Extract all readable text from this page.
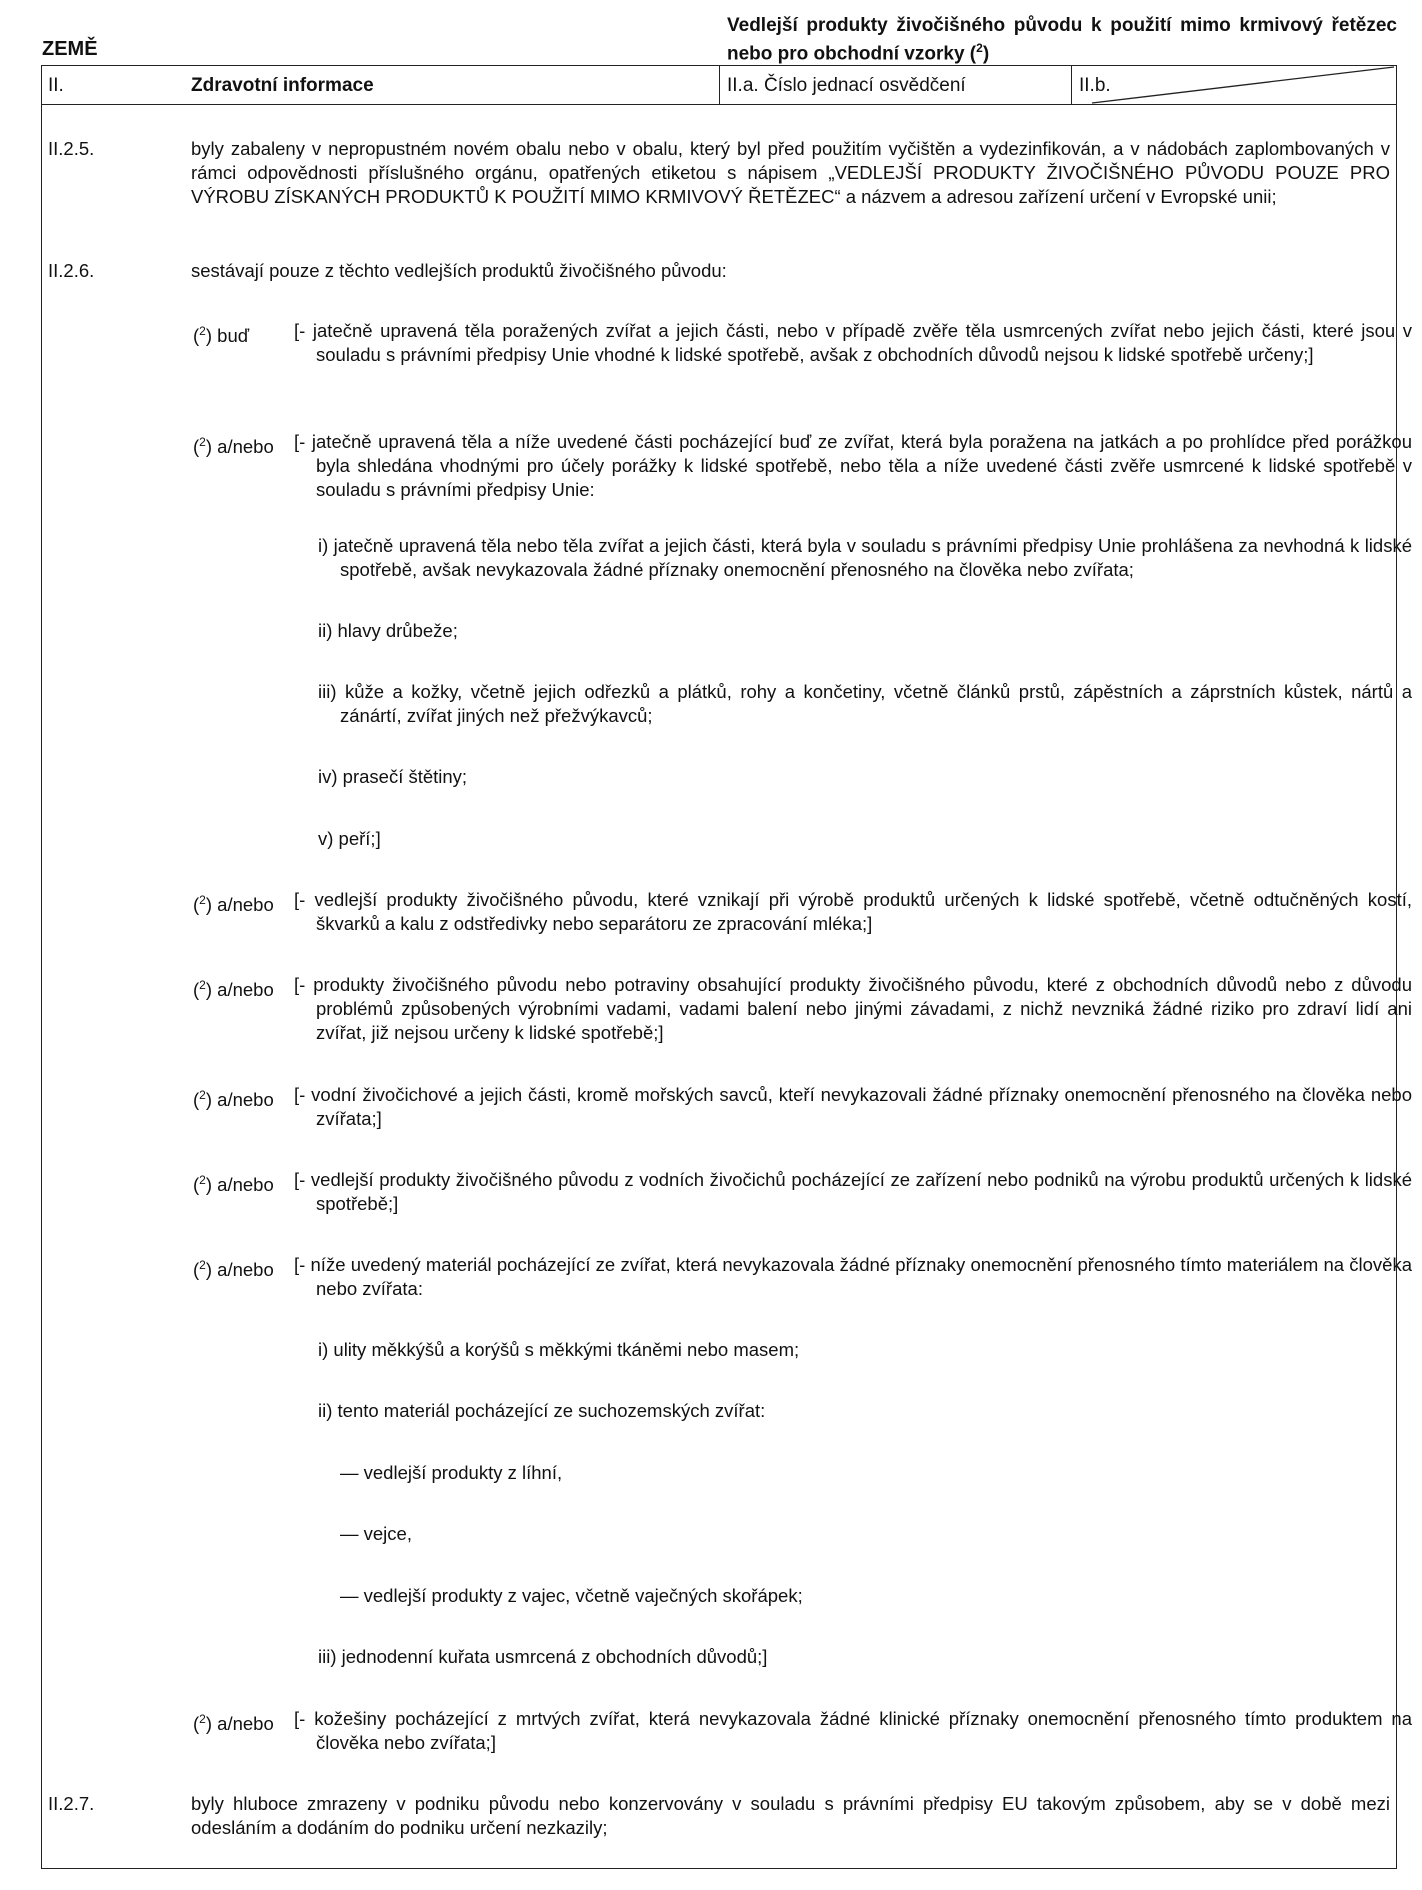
ZEMĚ
Vedlejší produkty živočišného původu k použití mimo krmivový řetězec nebo pro obchodní vzorky ($^2$)
II.	Zdravotní informace	II.a. Číslo jednací osvědčení	II.b.
II.2.5.	byly zabaleny v nepropustném novém obalu nebo v obalu, který byl před použitím vyčištěn a vydezinfikován, a v nádobách zaplombovaných v rámci odpovědnosti příslušného orgánu, opatřených etiketou s nápisem „VEDLEJŠÍ PRODUKTY ŽIVOČIŠNÉHO PŮVODU POUZE PRO VÝROBU ZÍSKANÝCH PRODUKTŮ K POUŽITÍ MIMO KRMIVOVÝ ŘETĚZEC“ a názvem a adresou zařízení určení v Evropské unii;
II.2.6.	sestávají pouze z těchto vedlejších produktů živočišného původu:
($^2$) buď [- jatečně upravená těla poražených zvířat a jejich části, nebo v případě zvěře těla usmrcených zvířat nebo jejich části, které jsou v souladu s právními předpisy Unie vhodné k lidské spotřebě, avšak z obchodních důvodů nejsou k lidské spotřebě určeny;]
($^2$) a/nebo [- jatečně upravená těla a níže uvedené části pocházející buď ze zvířat, která byla poražena na jatkách a po prohlídce před porážkou byla shledána vhodnými pro účely porážky k lidské spotřebě, nebo těla a níže uvedené části zvěře usmrcené k lidské spotřebě v souladu s právními předpisy Unie:
i) jatečně upravená těla nebo těla zvířat a jejich části, která byla v souladu s právními předpisy Unie prohlášena za nevhodná k lidské spotřebě, avšak nevykazovala žádné příznaky onemocnění přenosného na člověka nebo zvířata;
ii) hlavy drůbeže;
iii) kůže a kožky, včetně jejich odřezků a plátků, rohy a končetiny, včetně článků prstů, zápěstních a záprstních kůstek, nártů a zánártí, zvířat jiných než přežvýkavců;
iv) prasečí štětiny;
v) peří;]
($^2$) a/nebo [- vedlejší produkty živočišného původu, které vznikají při výrobě produktů určených k lidské spotřebě, včetně odtučněných kostí, škvarků a kalu z odstředivky nebo separátoru ze zpracování mléka;]
($^2$) a/nebo [- produkty živočišného původu nebo potraviny obsahující produkty živočišného původu, které z obchodních důvodů nebo z důvodu problémů způsobených výrobními vadami, vadami balení nebo jinými závadami, z nichž nevzniká žádné riziko pro zdraví lidí ani zvířat, již nejsou určeny k lidské spotřebě;]
($^2$) a/nebo [- vodní živočichové a jejich části, kromě mořských savců, kteří nevykazovali žádné příznaky onemocnění přenosného na člověka nebo zvířata;]
($^2$) a/nebo [- vedlejší produkty živočišného původu z vodních živočichů pocházející ze zařízení nebo podniků na výrobu produktů určených k lidské spotřebě;]
($^2$) a/nebo [- níže uvedený materiál pocházející ze zvířat, která nevykazovala žádné příznaky onemocnění přenosného tímto materiálem na člověka nebo zvířata:
i) ulity měkkýšů a korýšů s měkkými tkáněmi nebo masem;
ii) tento materiál pocházející ze suchozemských zvířat:
— vedlejší produkty z líhní,
— vejce,
— vedlejší produkty z vajec, včetně vaječných skořápek;
iii) jednodenní kuřata usmrcená z obchodních důvodů;]
($^2$) a/nebo [- kožešiny pocházející z mrtvých zvířat, která nevykazovala žádné klinické příznaky onemocnění přenosného tímto produktem na člověka nebo zvířata;]
II.2.7.	byly hluboce zmrazeny v podniku původu nebo konzervovány v souladu s právními předpisy EU takovým způsobem, aby se v době mezi odesláním a dodáním do podniku určení nezkazily;
